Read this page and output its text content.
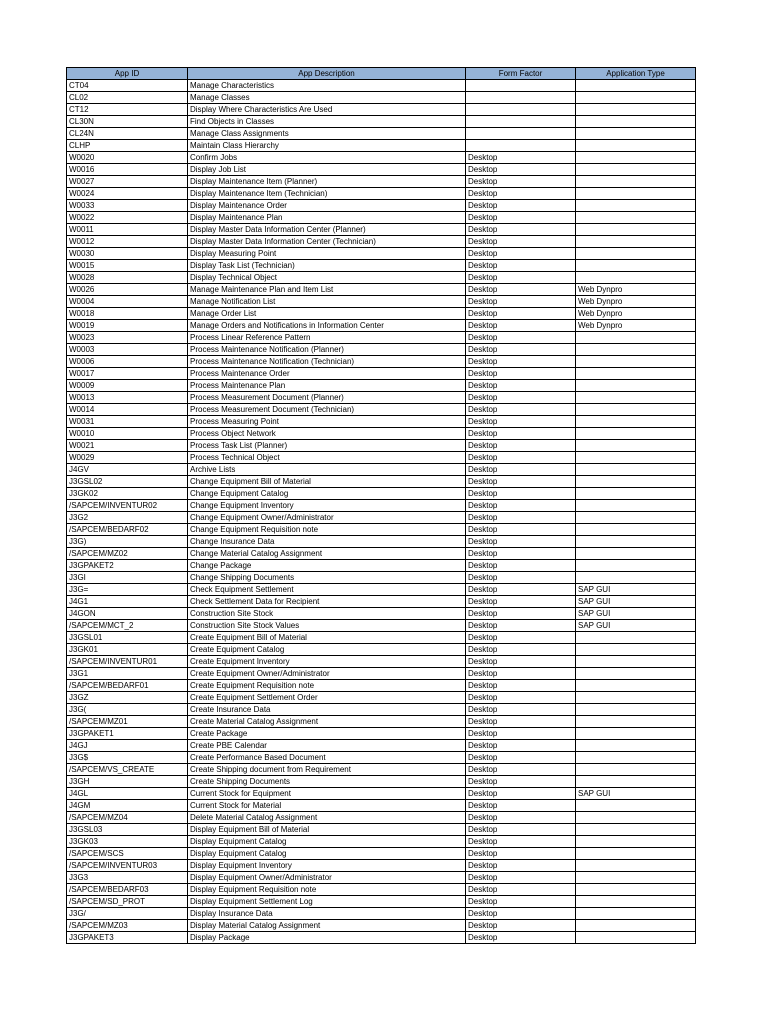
App ID	App Description	Form Factor	Application Type
CT04	Manage Characteristics		
CL02	Manage Classes		
CT12	Display Where Characteristics Are Used		
CL30N	Find Objects in Classes		
CL24N	Manage Class Assignments		
CLHP	Maintain Class Hierarchy		
W0020	Confirm Jobs	Desktop	
W0016	Display Job List	Desktop	
W0027	Display Maintenance Item (Planner)	Desktop	
W0024	Display Maintenance Item (Technician)	Desktop	
W0033	Display Maintenance Order	Desktop	
W0022	Display Maintenance Plan	Desktop	
W0011	Display Master Data Information Center (Planner)	Desktop	
W0012	Display Master Data Information Center (Technician)	Desktop	
W0030	Display Measuring Point	Desktop	
W0015	Display Task List (Technician)	Desktop	
W0028	Display Technical Object	Desktop	
W0026	Manage Maintenance Plan and Item List	Desktop	Web Dynpro
W0004	Manage Notification List	Desktop	Web Dynpro
W0018	Manage Order List	Desktop	Web Dynpro
W0019	Manage Orders and Notifications in Information Center	Desktop	Web Dynpro
W0023	Process Linear Reference Pattern	Desktop	
W0003	Process Maintenance Notification (Planner)	Desktop	
W0006	Process Maintenance Notification (Technician)	Desktop	
W0017	Process Maintenance Order	Desktop	
W0009	Process Maintenance Plan	Desktop	
W0013	Process Measurement Document (Planner)	Desktop	
W0014	Process Measurement Document (Technician)	Desktop	
W0031	Process Measuring Point	Desktop	
W0010	Process Object Network	Desktop	
W0021	Process Task List (Planner)	Desktop	
W0029	Process Technical Object	Desktop	
J4GV	Archive Lists	Desktop	
J3GSL02	Change Equipment Bill of Material	Desktop	
J3GK02	Change Equipment Catalog	Desktop	
/SAPCEM/INVENTUR02	Change Equipment Inventory	Desktop	
J3G2	Change Equipment Owner/Administrator	Desktop	
/SAPCEM/BEDARF02	Change Equipment Requisition note	Desktop	
J3G)	Change Insurance Data	Desktop	
/SAPCEM/MZ02	Change Material Catalog Assignment	Desktop	
J3GPAKET2	Change Package	Desktop	
J3GI	Change Shipping Documents	Desktop	
J3G=	Check Equipment Settlement	Desktop	SAP GUI
J4G1	Check Settlement Data for Recipient	Desktop	SAP GUI
J4GON	Construction Site Stock	Desktop	SAP GUI
/SAPCEM/MCT_2	Construction Site Stock Values	Desktop	SAP GUI
J3GSL01	Create Equipment Bill of Material	Desktop	
J3GK01	Create Equipment Catalog	Desktop	
/SAPCEM/INVENTUR01	Create Equipment Inventory	Desktop	
J3G1	Create Equipment Owner/Administrator	Desktop	
/SAPCEM/BEDARF01	Create Equipment Requisition note	Desktop	
J3GZ	Create Equipment Settlement Order	Desktop	
J3G(	Create Insurance Data	Desktop	
/SAPCEM/MZ01	Create Material Catalog Assignment	Desktop	
J3GPAKET1	Create Package	Desktop	
J4GJ	Create PBE Calendar	Desktop	
J3G$	Create Performance Based Document	Desktop	
/SAPCEM/VS_CREATE	Create Shipping document from Requirement	Desktop	
J3GH	Create Shipping Documents	Desktop	
J4GL	Current Stock for Equipment	Desktop	SAP GUI
J4GM	Current Stock for Material	Desktop	
/SAPCEM/MZ04	Delete Material Catalog Assignment	Desktop	
J3GSL03	Display Equipment Bill of Material	Desktop	
J3GK03	Display Equipment Catalog	Desktop	
/SAPCEM/SCS	Display Equipment Catalog	Desktop	
/SAPCEM/INVENTUR03	Display Equipment Inventory	Desktop	
J3G3	Display Equipment Owner/Administrator	Desktop	
/SAPCEM/BEDARF03	Display Equipment Requisition note	Desktop	
/SAPCEM/SD_PROT	Display Equipment Settlement Log	Desktop	
J3G/	Display Insurance Data	Desktop	
/SAPCEM/MZ03	Display Material Catalog Assignment	Desktop	
J3GPAKET3	Display Package	Desktop	
